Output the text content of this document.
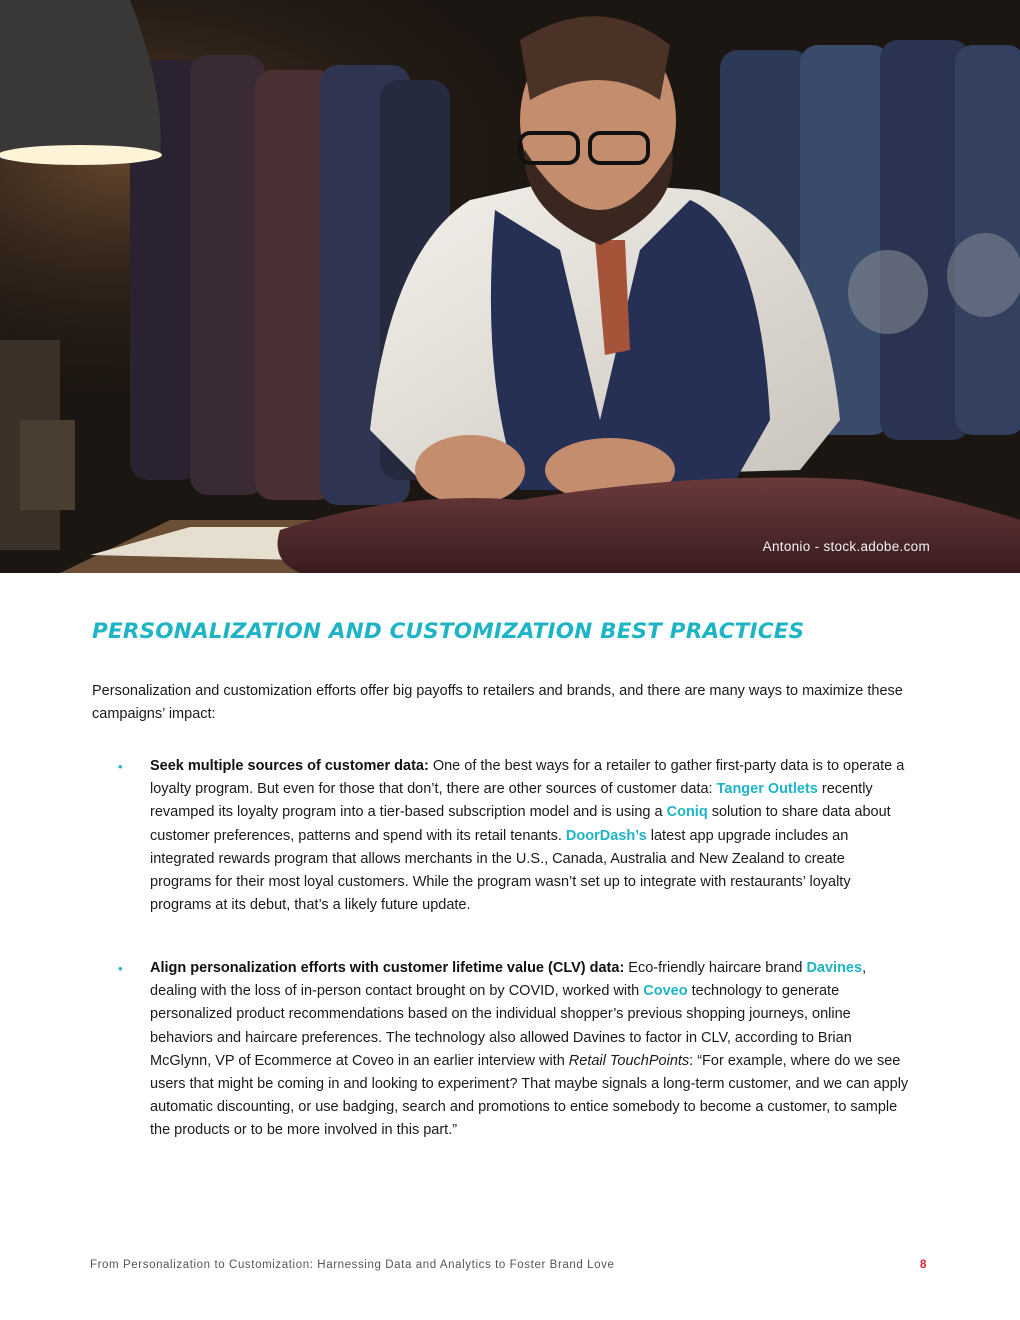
Antonio - stock.adobe.com
PERSONALIZATION AND CUSTOMIZATION BEST PRACTICES

Personalization and customization efforts offer big payoffs to retailers and brands, and there are many ways to maximize these campaigns’ impact:

• Seek multiple sources of customer data: One of the best ways for a retailer to gather first-party data is to operate a loyalty program. But even for those that don’t, there are other sources of customer data: Tanger Outlets recently revamped its loyalty program into a tier-based subscription model and is using a Coniq solution to share data about customer preferences, patterns and spend with its retail tenants. DoorDash’s latest app upgrade includes an integrated rewards program that allows merchants in the U.S., Canada, Australia and New Zealand to create programs for their most loyal customers. While the program wasn’t set up to integrate with restaurants’ loyalty programs at its debut, that’s a likely future update.
• Align personalization efforts with customer lifetime value (CLV) data: Eco-friendly haircare brand Davines, dealing with the loss of in-person contact brought on by COVID, worked with Coveo technology to generate personalized product recommendations based on the individual shopper’s previous shopping journeys, online behaviors and haircare preferences. The technology also allowed Davines to factor in CLV, according to Brian McGlynn, VP of Ecommerce at Coveo in an earlier interview with Retail TouchPoints: “For example, where do we see users that might be coming in and looking to experiment? That maybe signals a long-term customer, and we can apply automatic discounting, or use badging, search and promotions to entice somebody to become a customer, to sample the products or to be more involved in this part.”
From Personalization to Customization: Harnessing Data and Analytics to Foster Brand Love	8
